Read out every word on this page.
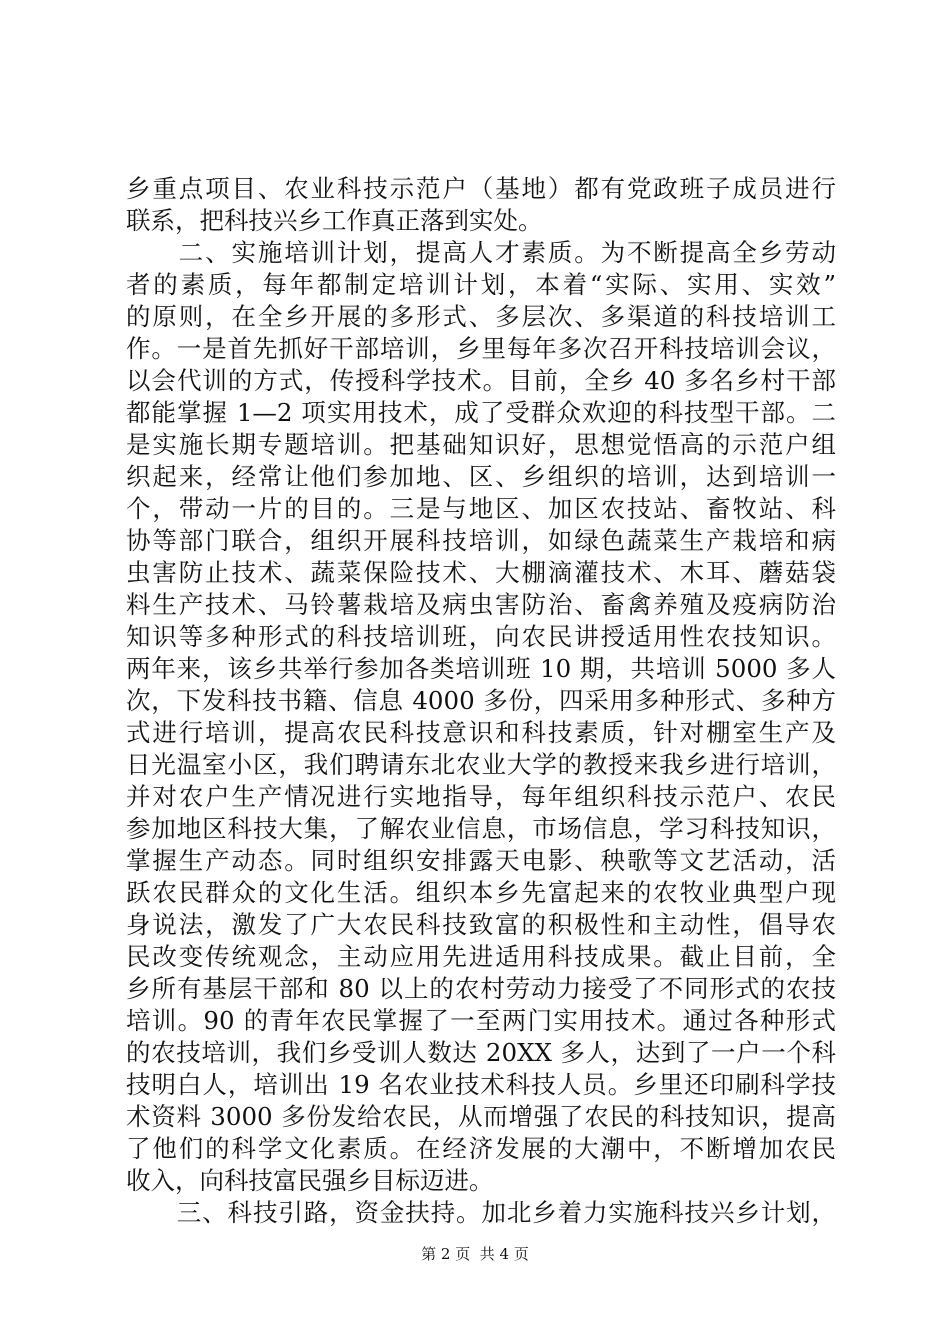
乡重点项目、农业科技示范户（基地）都有党政班子成员进行
联系，把科技兴乡工作真正落到实处。
　　二、实施培训计划，提高人才素质。为不断提高全乡劳动
者的素质，每年都制定培训计划，本着“实际、实用、实效”
的原则，在全乡开展的多形式、多层次、多渠道的科技培训工
作。一是首先抓好干部培训，乡里每年多次召开科技培训会议，
以会代训的方式，传授科学技术。目前，全乡 40 多名乡村干部
都能掌握 1—2 项实用技术，成了受群众欢迎的科技型干部。二
是实施长期专题培训。把基础知识好，思想觉悟高的示范户组
织起来，经常让他们参加地、区、乡组织的培训，达到培训一
个，带动一片的目的。三是与地区、加区农技站、畜牧站、科
协等部门联合，组织开展科技培训，如绿色蔬菜生产栽培和病
虫害防止技术、蔬菜保险技术、大棚滴灌技术、木耳、蘑菇袋
料生产技术、马铃薯栽培及病虫害防治、畜禽养殖及疫病防治
知识等多种形式的科技培训班，向农民讲授适用性农技知识。
两年来，该乡共举行参加各类培训班 10 期，共培训 5000 多人
次，下发科技书籍、信息 4000 多份，四采用多种形式、多种方
式进行培训，提高农民科技意识和科技素质，针对棚室生产及
日光温室小区，我们聘请东北农业大学的教授来我乡进行培训，
并对农户生产情况进行实地指导，每年组织科技示范户、农民
参加地区科技大集，了解农业信息，市场信息，学习科技知识，
掌握生产动态。同时组织安排露天电影、秧歌等文艺活动，活
跃农民群众的文化生活。组织本乡先富起来的农牧业典型户现
身说法，激发了广大农民科技致富的积极性和主动性，倡导农
民改变传统观念，主动应用先进适用科技成果。截止目前，全
乡所有基层干部和 80 以上的农村劳动力接受了不同形式的农技
培训。90 的青年农民掌握了一至两门实用技术。通过各种形式
的农技培训，我们乡受训人数达 20XX 多人，达到了一户一个科
技明白人，培训出 19 名农业技术科技人员。乡里还印刷科学技
术资料 3000 多份发给农民，从而增强了农民的科技知识，提高
了他们的科学文化素质。在经济发展的大潮中，不断增加农民
收入，向科技富民强乡目标迈进。
　　三、科技引路，资金扶持。加北乡着力实施科技兴乡计划，
第 2 页  共 4 页
